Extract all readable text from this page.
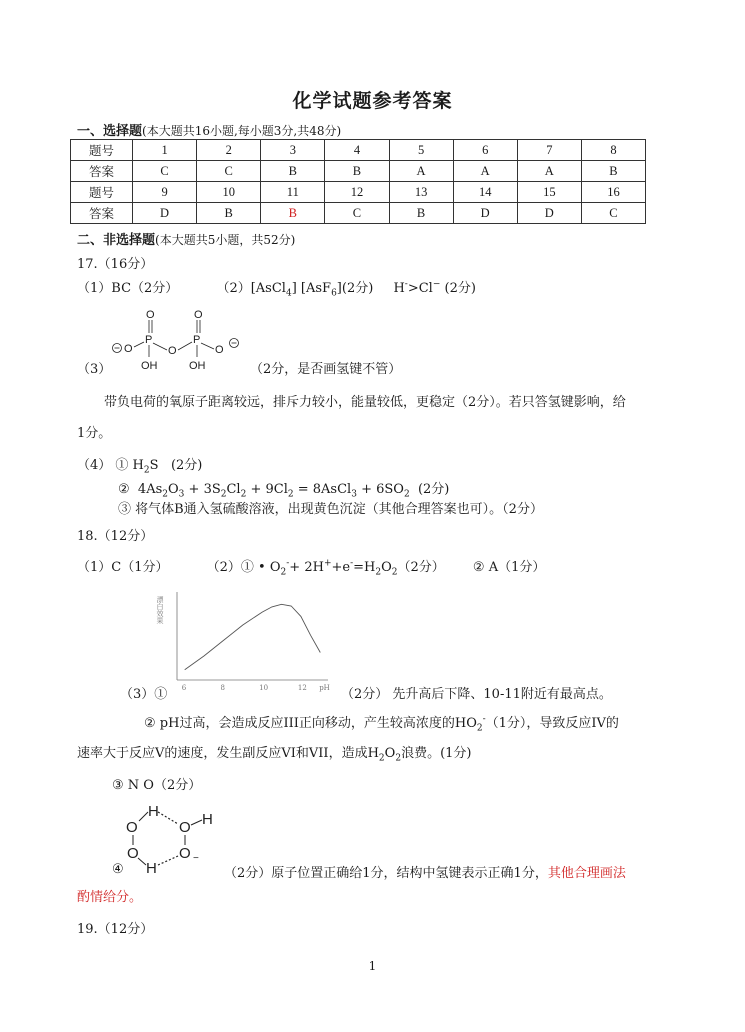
化学试题参考答案
一、选择题(本大题共16小题,每小题3分,共48分)
题号	1	2	3	4	5	6	7	8
答案	C	C	B	B	A	A	A	B
题号	9	10	11	12	13	14	15	16
答案	D	B	B	C	B	D	D	C
二、非选择题(本大题共5小题，共52分)
17.（16分）
（1）BC（2分）	（2）[AsCl$_4$] [AsF$_6$](2分) H->Cl− (2分)
O
P
O
O
P
O
O
OH	OH
（3）	（2分，是否画氢键不管）
带负电荷的氧原子距离较远，排斥力较小，能量较低，更稳定（2分）。若只答氢键影响，给
1分。
（4） ① $H_2S$   (2分)
②  $4As_2O_3 + 3S_2Cl_2 + 9Cl_2$ = 8AsCl$_3$ + $6SO_2$ (2分)
③ 将气体B通入氢硫酸溶液，出现黄色沉淀（其他合理答案也可）。（2分）
18.（12分）
（1）C（1分）	（2）① • $O_2^-+ 2H^++e^-=H_2O_2(2$分） ② A（1分）
漂白效果
6	8	10	12 pH
（3）①	（2分） 先升高后下降、10-11附近有最高点。
② pH过高，会造成反应III正向移动，产生较高浓度的$HO_2^-(1$分），导致反应IV的
速率大于反应V的速度，发生副反应VI和VII，造成$H_2O_2$浪费。(1分)
③ N O（2分）
H
O	O H
O	O
H
−
④	（2分）原子位置正确给1分，结构中氢键表示正确1分，其他合理画法
酌情给分。
19.（12分）
1
